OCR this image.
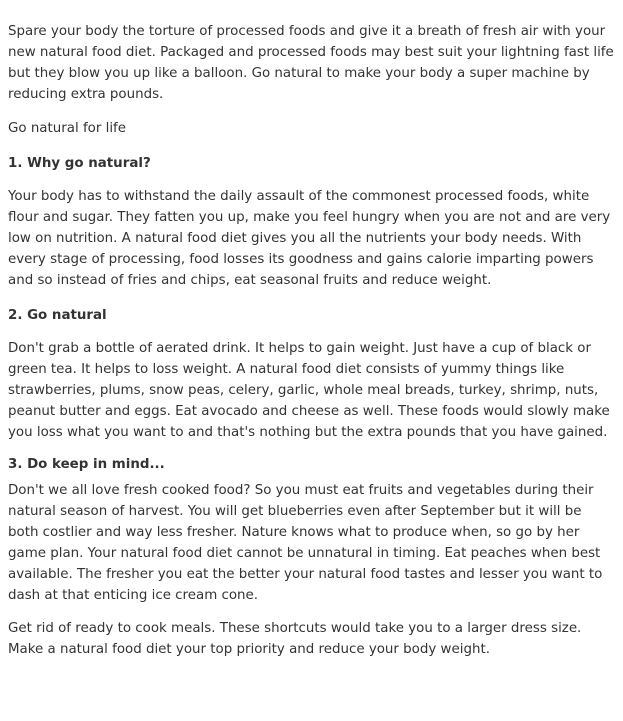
Spare your body the torture of processed foods and give it a breath of fresh air with your new natural food diet. Packaged and processed foods may best suit your lightning fast life but they blow you up like a balloon. Go natural to make your body a super machine by reducing extra pounds.

Go natural for life

1. Why go natural?

Your body has to withstand the daily assault of the commonest processed foods, white flour and sugar. They fatten you up, make you feel hungry when you are not and are very low on nutrition. A natural food diet gives you all the nutrients your body needs. With every stage of processing, food losses its goodness and gains calorie imparting powers and so instead of fries and chips, eat seasonal fruits and reduce weight.

2. Go natural

Don't grab a bottle of aerated drink. It helps to gain weight. Just have a cup of black or green tea. It helps to loss weight. A natural food diet consists of yummy things like strawberries, plums, snow peas, celery, garlic, whole meal breads, turkey, shrimp, nuts, peanut butter and eggs. Eat avocado and cheese as well. These foods would slowly make you loss what you want to and that's nothing but the extra pounds that you have gained.

3. Do keep in mind...

Don't we all love fresh cooked food? So you must eat fruits and vegetables during their natural season of harvest. You will get blueberries even after September but it will be both costlier and way less fresher. Nature knows what to produce when, so go by her game plan. Your natural food diet cannot be unnatural in timing. Eat peaches when best available. The fresher you eat the better your natural food tastes and lesser you want to dash at that enticing ice cream cone.

Get rid of ready to cook meals. These shortcuts would take you to a larger dress size. Make a natural food diet your top priority and reduce your body weight.
